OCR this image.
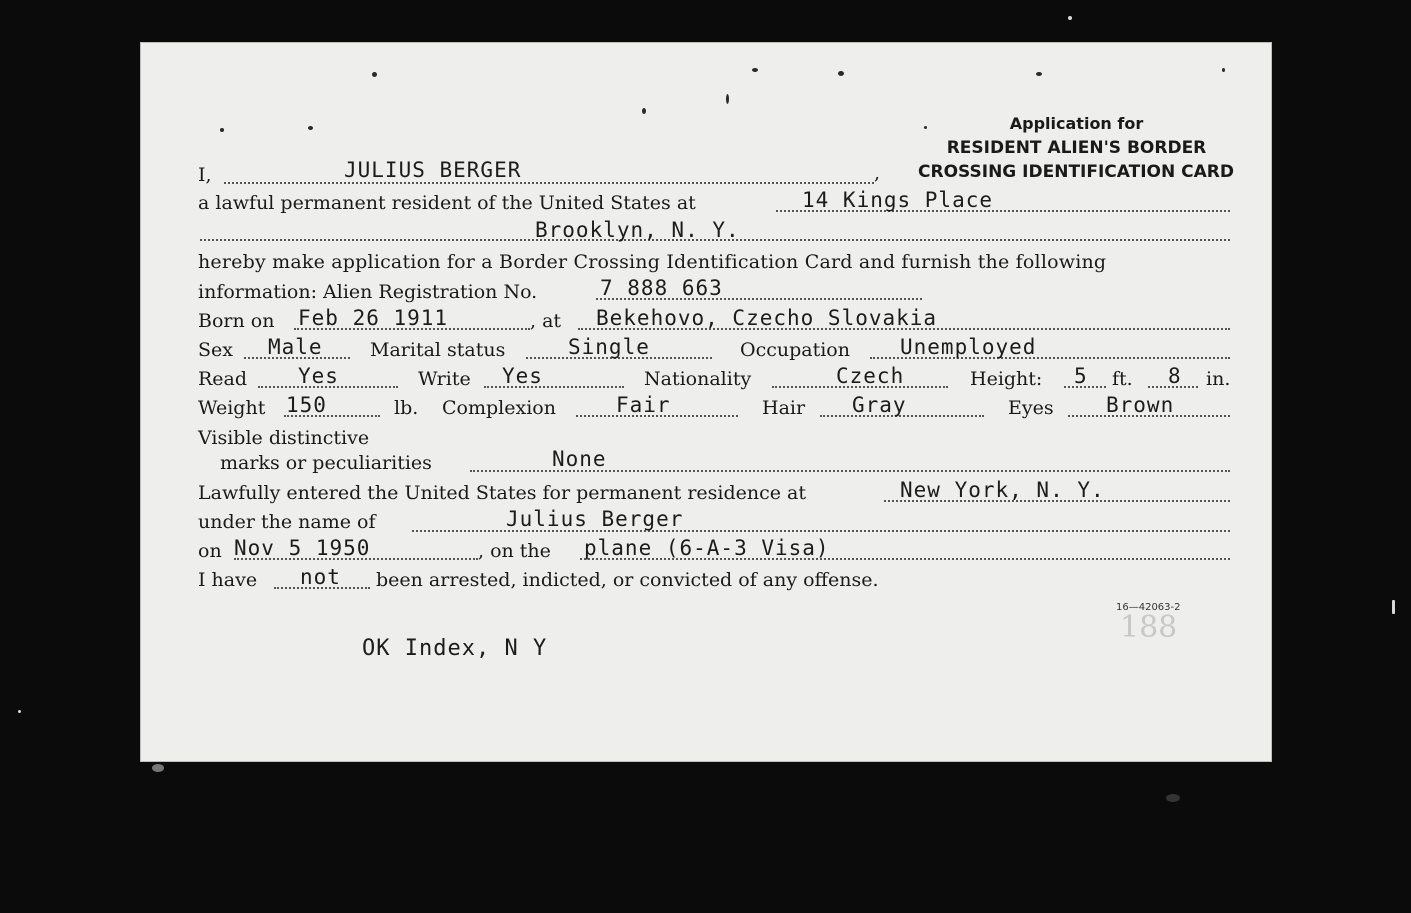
Application for
RESIDENT ALIEN'S BORDER
CROSSING IDENTIFICATION CARD
I,	JULIUS BERGER	,
a lawful permanent resident of the United States at	14 Kings Place
Brooklyn, N. Y.
hereby make application for a Border Crossing Identification Card and furnish the following
information: Alien Registration No.	7 888 663
Born on Feb 26 1911	, at Bekehovo, Czecho Slovakia
Sex Male Marital status	Single	Occupation Unemployed
Read Yes	Write Yes	Nationality	Czech	Height: 5 ft. 8 in.
Weight 150	lb. Complexion	Fair	Hair Gray	Eyes Brown
Visible distinctive
marks or peculiarities	None
Lawfully entered the United States for permanent residence at	New York, N. Y.
under the name of	Julius Berger
on Nov 5 1950	, on the plane (6-A-3 Visa)
I have not been arrested, indicted, or convicted of any offense.
16—42063-2
188
OK Index, N Y
